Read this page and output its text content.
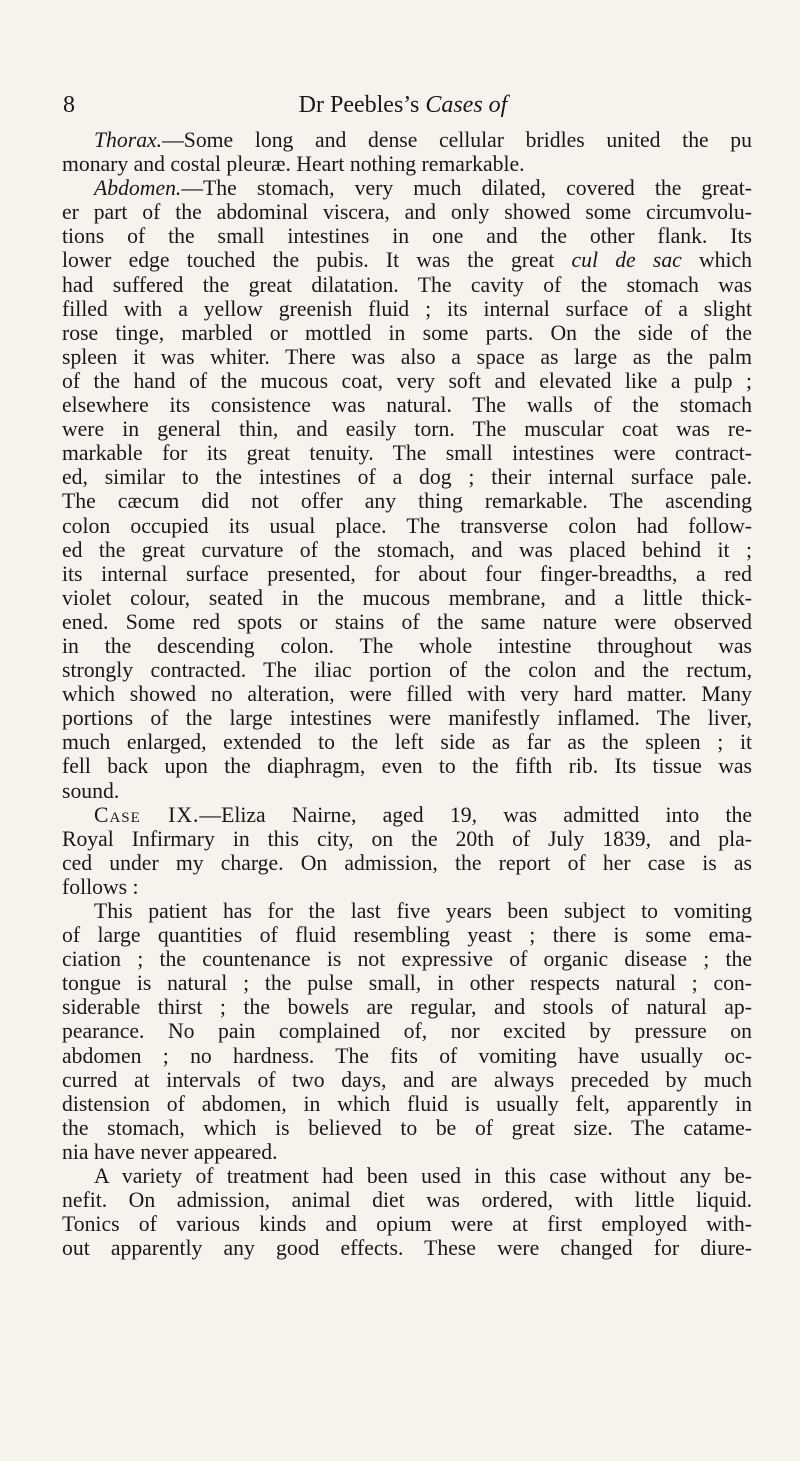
8	Dr Peebles’s Cases of
Thorax.—Some long and dense cellular bridles united the pu
monary and costal pleuræ. Heart nothing remarkable.
Abdomen.—The stomach, very much dilated, covered the great-
er part of the abdominal viscera, and only showed some circumvolu-
tions of the small intestines in one and the other flank. Its
lower edge touched the pubis. It was the great cul de sac which
had suffered the great dilatation. The cavity of the stomach was
filled with a yellow greenish fluid ; its internal surface of a slight
rose tinge, marbled or mottled in some parts. On the side of the
spleen it was whiter. There was also a space as large as the palm
of the hand of the mucous coat, very soft and elevated like a pulp ;
elsewhere its consistence was natural. The walls of the stomach
were in general thin, and easily torn. The muscular coat was re-
markable for its great tenuity. The small intestines were contract-
ed, similar to the intestines of a dog ; their internal surface pale.
The cæcum did not offer any thing remarkable. The ascending
colon occupied its usual place. The transverse colon had follow-
ed the great curvature of the stomach, and was placed behind it ;
its internal surface presented, for about four finger-breadths, a red
violet colour, seated in the mucous membrane, and a little thick-
ened. Some red spots or stains of the same nature were observed
in the descending colon. The whole intestine throughout was
strongly contracted. The iliac portion of the colon and the rectum,
which showed no alteration, were filled with very hard matter. Many
portions of the large intestines were manifestly inflamed. The liver,
much enlarged, extended to the left side as far as the spleen ; it
fell back upon the diaphragm, even to the fifth rib. Its tissue was
sound.
Case IX.—Eliza Nairne, aged 19, was admitted into the
Royal Infirmary in this city, on the 20th of July 1839, and pla-
ced under my charge. On admission, the report of her case is as
follows :
This patient has for the last five years been subject to vomiting
of large quantities of fluid resembling yeast ; there is some ema-
ciation ; the countenance is not expressive of organic disease ; the
tongue is natural ; the pulse small, in other respects natural ; con-
siderable thirst ; the bowels are regular, and stools of natural ap-
pearance. No pain complained of, nor excited by pressure on
abdomen ; no hardness. The fits of vomiting have usually oc-
curred at intervals of two days, and are always preceded by much
distension of abdomen, in which fluid is usually felt, apparently in
the stomach, which is believed to be of great size. The catame-
nia have never appeared.
A variety of treatment had been used in this case without any be-
nefit. On admission, animal diet was ordered, with little liquid.
Tonics of various kinds and opium were at first employed with-
out apparently any good effects. These were changed for diure-
